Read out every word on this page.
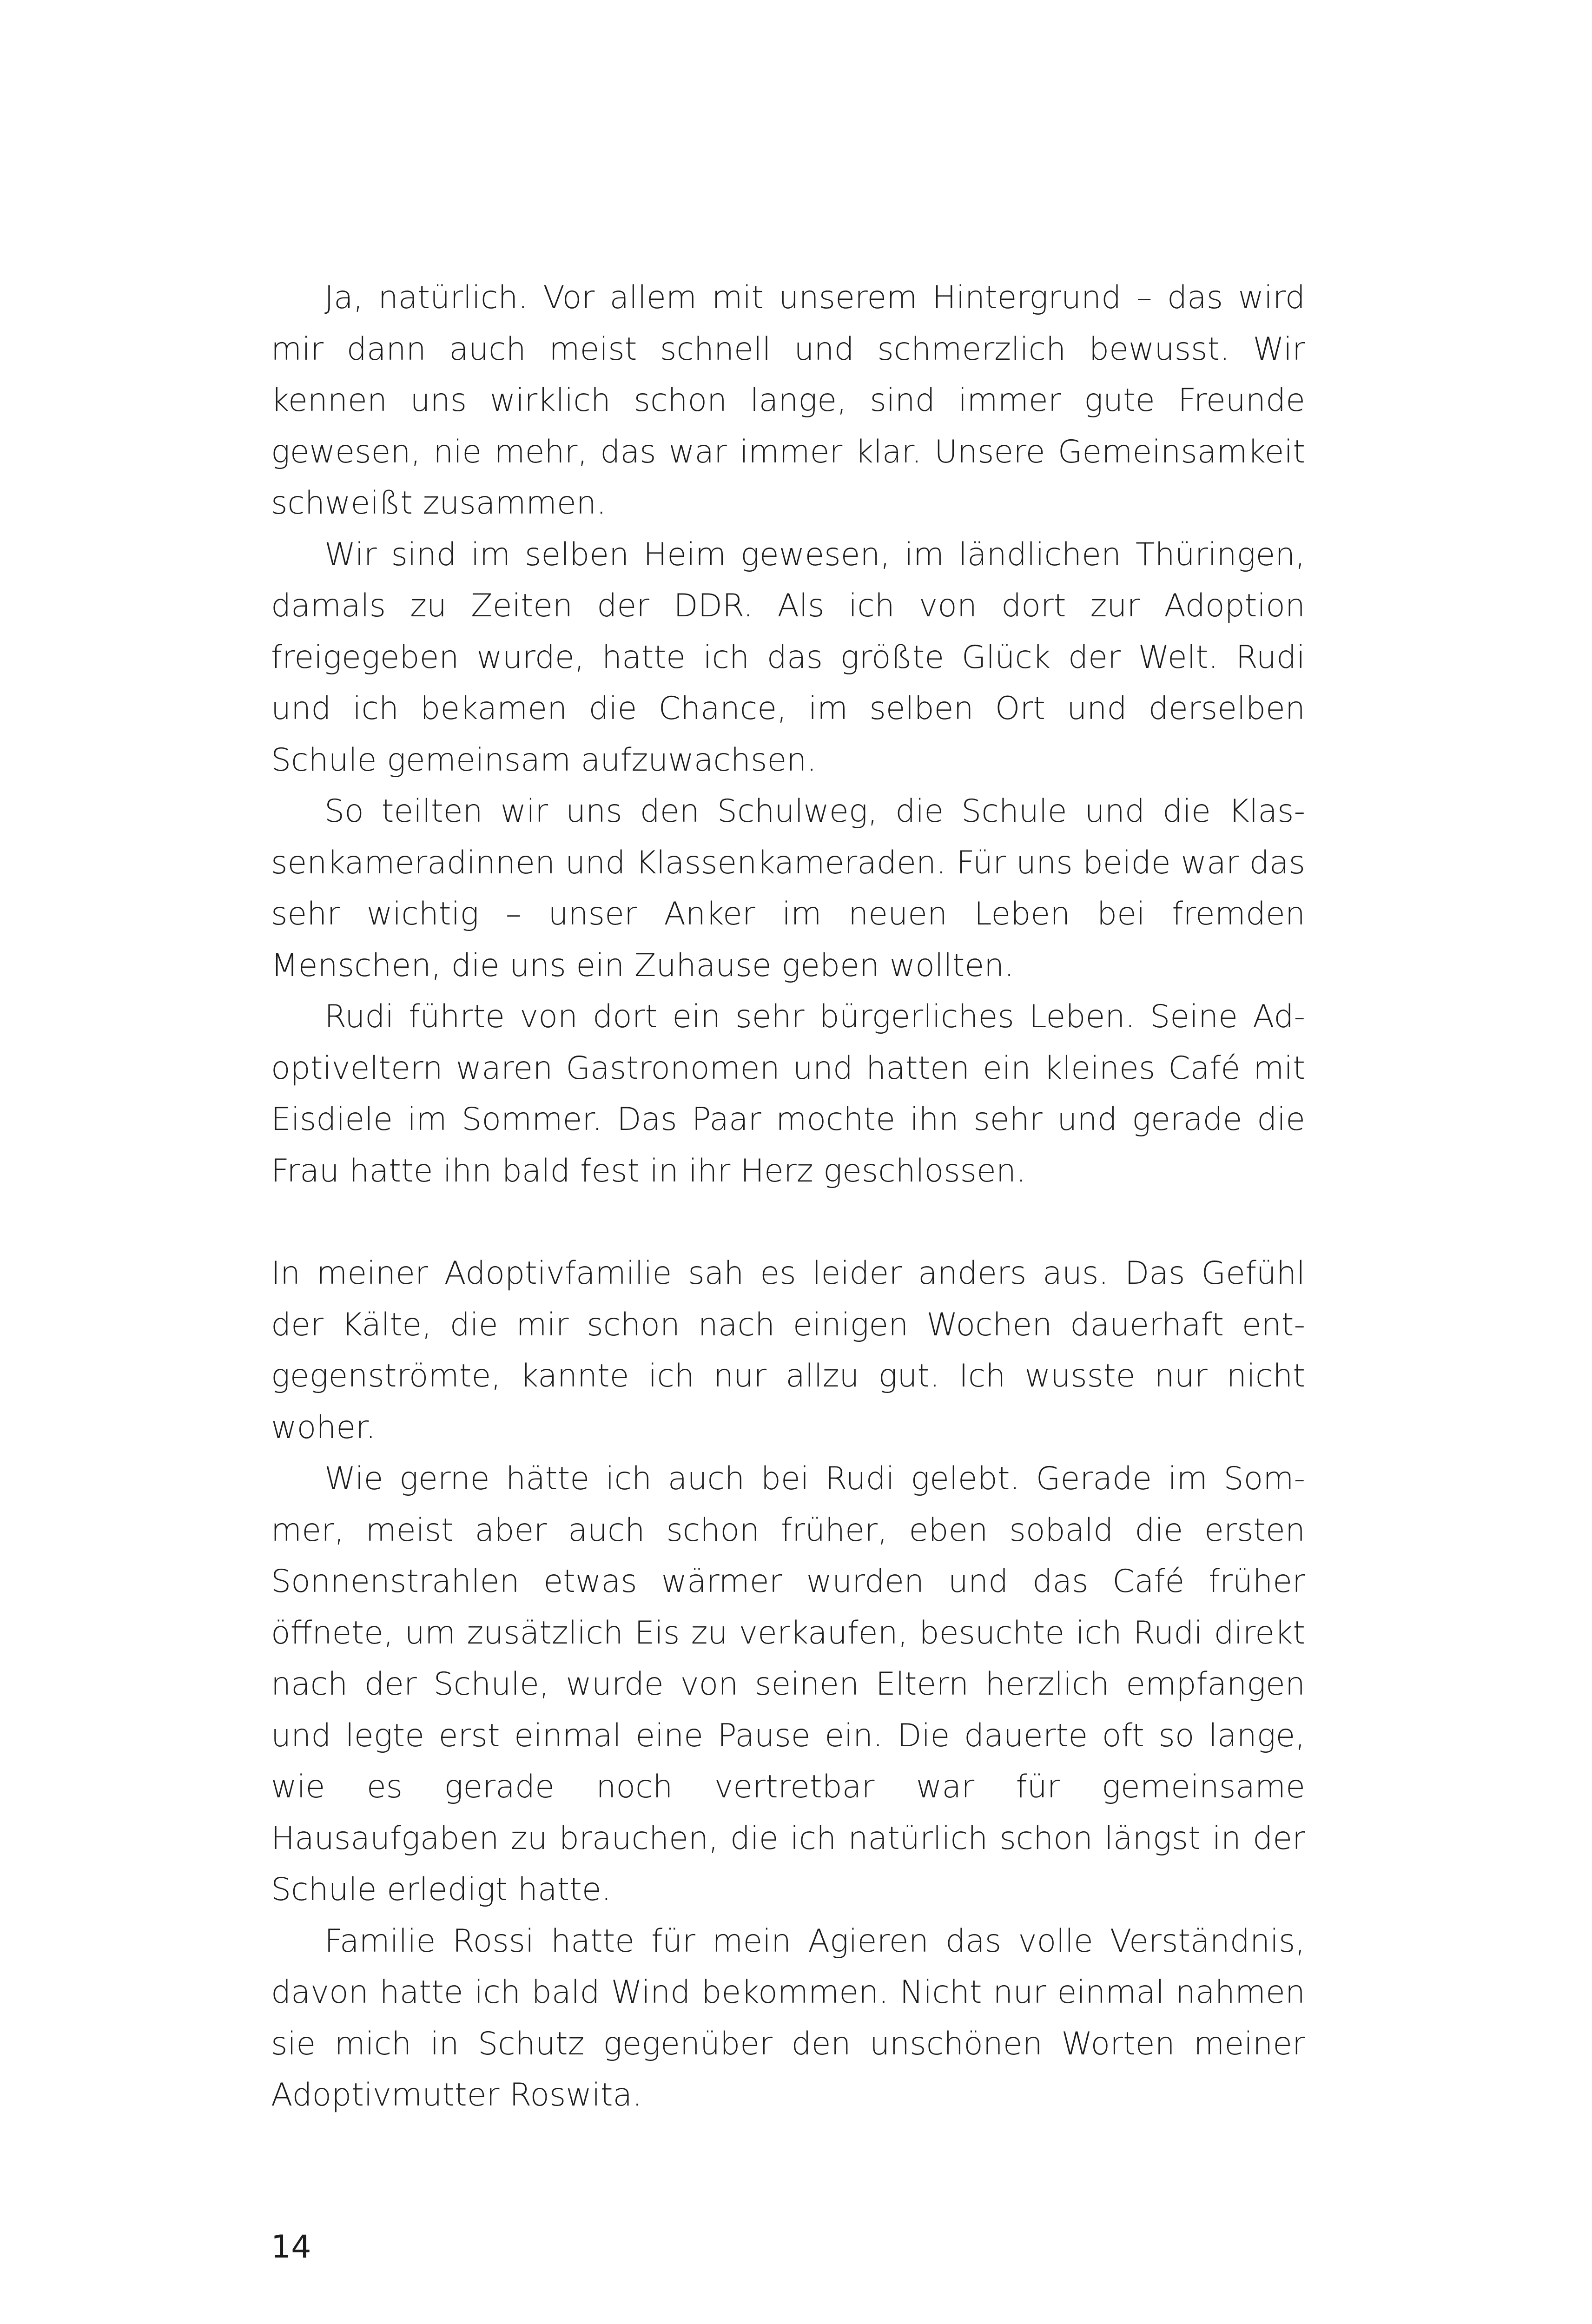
Ja, natürlich. Vor allem mit unserem Hintergrund – das wird mir dann auch meist schnell und schmerzlich bewusst. Wir kennen uns wirklich schon lange, sind immer gute Freunde gewesen, nie mehr, das war immer klar. Unsere Gemeinsamkeit schweißt zusammen.

Wir sind im selben Heim gewesen, im ländlichen Thüringen, damals zu Zeiten der DDR. Als ich von dort zur Adoption freigegeben wurde, hatte ich das größte Glück der Welt. Rudi und ich bekamen die Chance, im selben Ort und derselben Schule gemeinsam aufzuwachsen.

So teilten wir uns den Schulweg, die Schule und die Klassenkameradinnen und Klassenkameraden. Für uns beide war das sehr wichtig – unser Anker im neuen Leben bei fremden Menschen, die uns ein Zuhause geben wollten.

Rudi führte von dort ein sehr bürgerliches Leben. Seine Adoptiveltern waren Gastronomen und hatten ein kleines Café mit Eisdiele im Sommer. Das Paar mochte ihn sehr und gerade die Frau hatte ihn bald fest in ihr Herz geschlossen.

In meiner Adoptivfamilie sah es leider anders aus. Das Gefühl der Kälte, die mir schon nach einigen Wochen dauerhaft entgegenströmte, kannte ich nur allzu gut. Ich wusste nur nicht woher.

Wie gerne hätte ich auch bei Rudi gelebt. Gerade im Sommer, meist aber auch schon früher, eben sobald die ersten Sonnenstrahlen etwas wärmer wurden und das Café früher öffnete, um zusätzlich Eis zu verkaufen, besuchte ich Rudi direkt nach der Schule, wurde von seinen Eltern herzlich empfangen und legte erst einmal eine Pause ein. Die dauerte oft so lange, wie es gerade noch vertretbar war für gemeinsame Hausaufgaben zu brauchen, die ich natürlich schon längst in der Schule erledigt hatte.

Familie Rossi hatte für mein Agieren das volle Verständnis, davon hatte ich bald Wind bekommen. Nicht nur einmal nahmen sie mich in Schutz gegenüber den unschönen Worten meiner Adoptivmutter Roswita.

14
